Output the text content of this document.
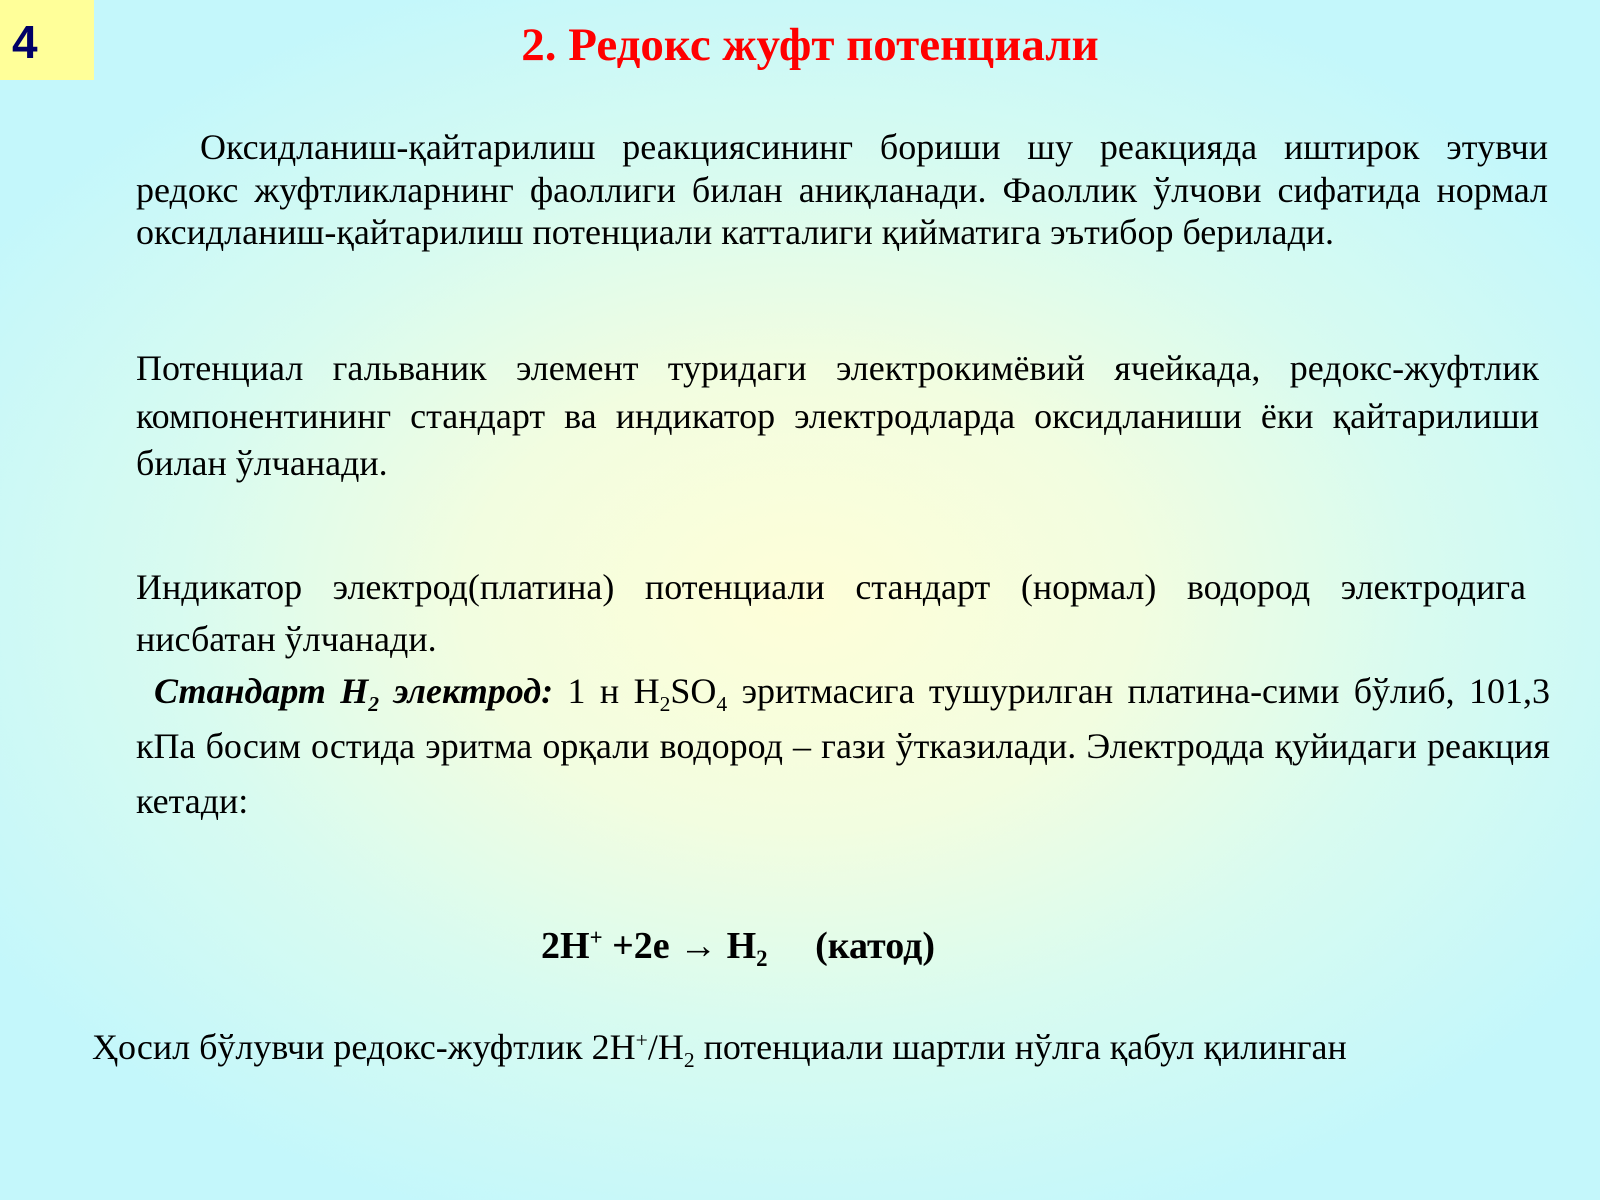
4	2. Редокс жуфт потенциали

Оксидланиш-қайтарилиш реакциясининг бориши шу реакцияда иштирок этувчи редокс жуфтликларнинг фаоллиги билан аниқланади. Фаоллик ўлчови сифатида нормал оксидланиш-қайтарилиш потенциали катталиги қийматига эътибор берилади.

Потенциал гальваник элемент туридаги электрокимёвий ячейкада, редокс-жуфтлик компонентининг стандарт ва индикатор электродларда оксидланиши ёки қайтарилиши билан ўлчанади.

Индикатор электрод(платина) потенциали стандарт (нормал) водород электродига нисбатан ўлчанади.

Стандарт $H_2$ электрод: 1 н $H_2SO_4$ эритмасига тушурилган платина-сими бўлиб, 101,3 кПа босим остида эритма орқали водород – гази ўтказилади. Электродда қуйидаги реакция кетади:

$2H^+ +2e \to H_2$     (катод)

Ҳосил бўлувчи редокс-жуфтлик $2H^+/H_2$ потенциали шартли нўлга қабул қилинган
